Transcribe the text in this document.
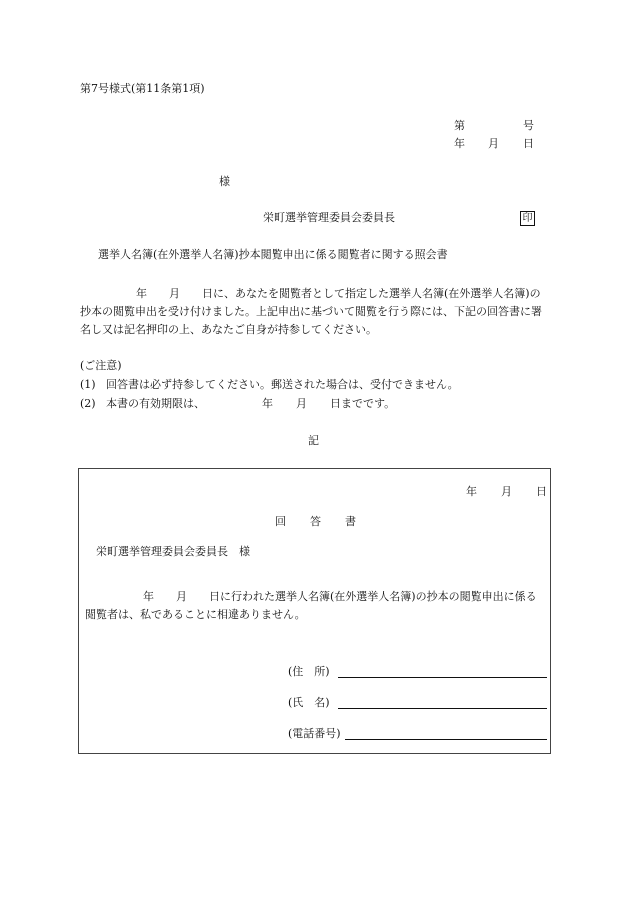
第7号様式(第11条第1項)
第	号
年 月 日
様
栄町選挙管理委員会委員長	印
選挙人名簿(在外選挙人名簿)抄本閲覧申出に係る閲覧者に関する照会書
年 月 日に、あなたを閲覧者として指定した選挙人名簿(在外選挙人名簿)の抄本の閲覧申出を受け付けました。上記申出に基づいて閲覧を行う際には、下記の回答書に署名し又は記名押印の上、あなたご自身が持参してください。
(ご注意)
(1) 回答書は必ず持参してください。郵送された場合は、受付できません。
(2) 本書の有効期限は、	年 月 日までです。
記
年 月 日
回 答 書
栄町選挙管理委員会委員長　様
年 月 日に行われた選挙人名簿(在外選挙人名簿)の抄本の閲覧申出に係る閲覧者は、私であることに相違ありません。
(住　所)
(氏　名)
(電話番号)
